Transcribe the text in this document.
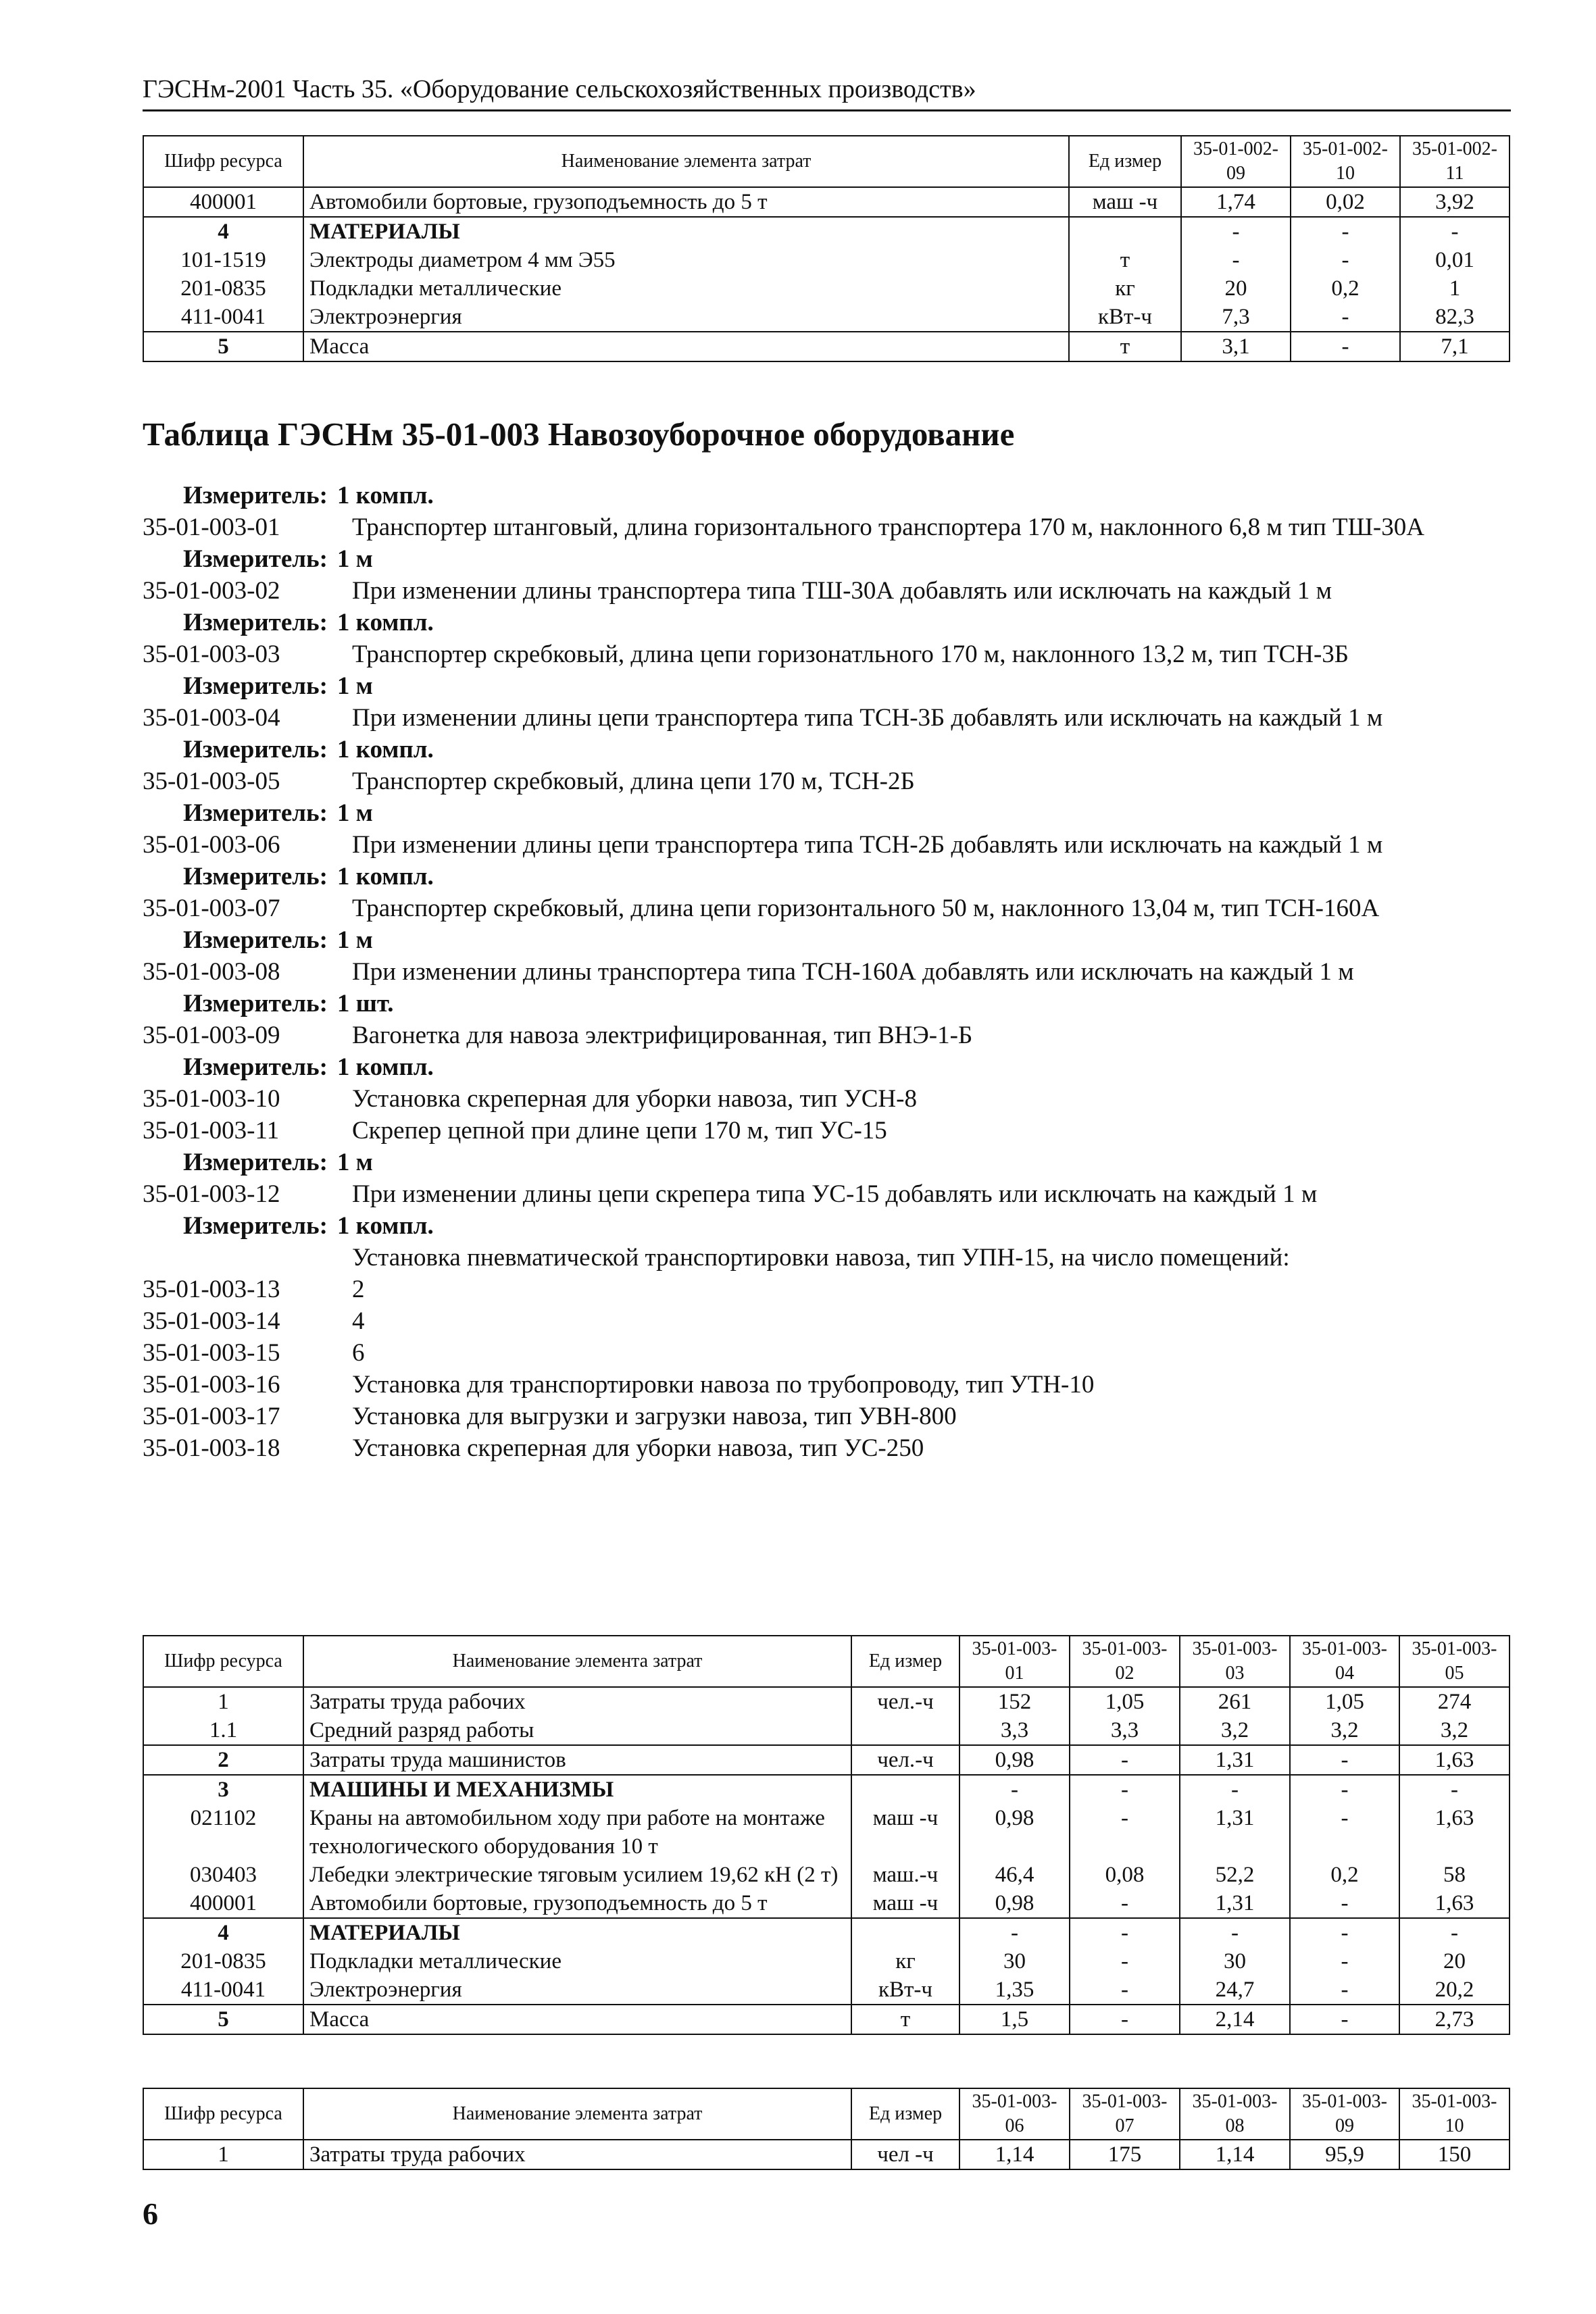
ГЭСНм-2001 Часть 35. «Оборудование сельскохозяйственных производств»
Шифр ресурса	Наименование элемента затрат	Ед измер	35-01-002-09	35-01-002-10	35-01-002-11
400001	Автомобили бортовые, грузоподъемность до 5 т	маш -ч	1,74	0,02	3,92
4	МАТЕРИАЛЫ		-	-	-
101-1519	Электроды диаметром 4 мм Э55	т	-	-	0,01
201-0835	Подкладки металлические	кг	20	0,2	1
411-0041	Электроэнергия	кВт-ч	7,3	-	82,3
5	Масса	т	3,1	-	7,1
Таблица ГЭСНм 35-01-003 Навозоуборочное оборудование
Измеритель: 1 компл.
35-01-003-01	Транспортер штанговый, длина горизонтального транспортера 170 м, наклонного 6,8 м тип ТШ-30А
Измеритель: 1 м
35-01-003-02	При изменении длины транспортера типа ТШ-30А добавлять или исключать на каждый 1 м
Измеритель: 1 компл.
35-01-003-03	Транспортер скребковый, длина цепи горизонатльного 170 м, наклонного 13,2 м, тип ТСН-3Б
Измеритель: 1 м
35-01-003-04	При изменении длины цепи транспортера типа ТСН-3Б добавлять или исключать на каждый 1 м
Измеритель: 1 компл.
35-01-003-05	Транспортер скребковый, длина цепи 170 м, ТСН-2Б
Измеритель: 1 м
35-01-003-06	При изменении длины цепи транспортера типа ТСН-2Б добавлять или исключать на каждый 1 м
Измеритель: 1 компл.
35-01-003-07	Транспортер скребковый, длина цепи горизонтального 50 м, наклонного 13,04 м, тип ТСН-160А
Измеритель: 1 м
35-01-003-08	При изменении длины транспортера типа ТСН-160А добавлять или исключать на каждый 1 м
Измеритель: 1 шт.
35-01-003-09	Вагонетка для навоза электрифицированная, тип ВНЭ-1-Б
Измеритель: 1 компл.
35-01-003-10	Установка скреперная для уборки навоза, тип УСН-8
35-01-003-11	Скрепер цепной при длине цепи 170 м, тип УС-15
Измеритель: 1 м
35-01-003-12	При изменении длины цепи скрепера типа УС-15 добавлять или исключать на каждый 1 м
Измеритель: 1 компл.
Установка пневматической транспортировки навоза, тип УПН-15, на число помещений:
35-01-003-13	2
35-01-003-14	4
35-01-003-15	6
35-01-003-16	Установка для транспортировки навоза по трубопроводу, тип УТН-10
35-01-003-17	Установка для выгрузки и загрузки навоза, тип УВН-800
35-01-003-18	Установка скреперная для уборки навоза, тип УС-250
Шифр ресурса	Наименование элемента затрат	Ед измер	35-01-003-01	35-01-003-02	35-01-003-03	35-01-003-04	35-01-003-05
1	Затраты труда рабочих	чел.-ч	152	1,05	261	1,05	274
1.1	Средний разряд работы		3,3	3,3	3,2	3,2	3,2
2	Затраты труда машинистов	чел.-ч	0,98	-	1,31	-	1,63
3	МАШИНЫ И МЕХАНИЗМЫ		-	-	-	-	-
021102	Краны на автомобильном ходу при работе на монтаже технологического оборудования 10 т	маш -ч	0,98	-	1,31	-	1,63
030403	Лебедки электрические тяговым усилием 19,62 кН (2 т)	маш.-ч	46,4	0,08	52,2	0,2	58
400001	Автомобили бортовые, грузоподъемность до 5 т	маш -ч	0,98	-	1,31	-	1,63
4	МАТЕРИАЛЫ		-	-	-	-	-
201-0835	Подкладки металлические	кг	30	-	30	-	20
411-0041	Электроэнергия	кВт-ч	1,35	-	24,7	-	20,2
5	Масса	т	1,5	-	2,14	-	2,73
Шифр ресурса	Наименование элемента затрат	Ед измер	35-01-003-06	35-01-003-07	35-01-003-08	35-01-003-09	35-01-003-10
1	Затраты труда рабочих	чел -ч	1,14	175	1,14	95,9	150
6
